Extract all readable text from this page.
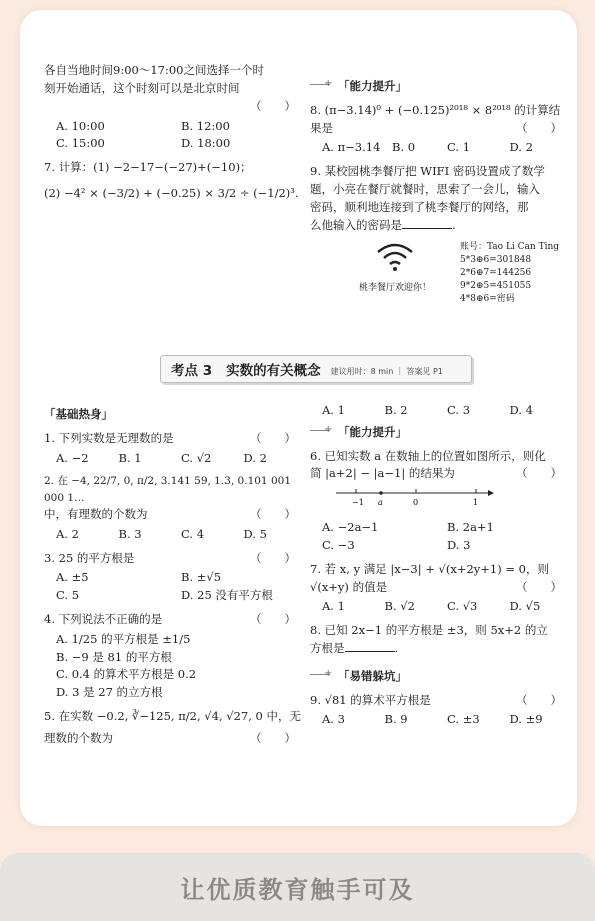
各自当地时间9:00～17:00之间选择一个时
刻开始通话，这个时刻可以是北京时间
（　　）
A. 10:00	B. 12:00
C. 15:00	D. 18:00
7. 计算：(1) −2−17−(−27)+(−10)；
(2) −4² × (−3/2) + (−0.25) × 3/2 ÷ (−1/2)³.
+
「能力提升」
8. (π−3.14)⁰ + (−0.125)²⁰¹⁸ × 8²⁰¹⁸ 的计算结
果是	（　　）
A. π−3.14	B. 0	C. 1	D. 2
9. 某校园桃李餐厅把 WIFI 密码设置成了数学
题，小亮在餐厅就餐时，思索了一会儿，输入
密码，顺利地连接到了桃李餐厅的网络，那
么他输入的密码是	.
桃李餐厅欢迎你！
账号：Tao Li Can Ting
5*3⊕6=301848
2*6⊕7=144256
9*2⊕5=451055
4*8⊕6=密码
考点 3 实数的有关概念 建议用时：8 min ｜ 答案见 P1
「基础热身」
1. 下列实数是无理数的是	（　　）
A. −2	B. 1	C. √2	D. 2
2. 在 −4, 22/7, 0, π/2, 3.141 59, 1.3̇, 0.101 001 000 1…
中，有理数的个数为	（　　）
A. 2	B. 3	C. 4	D. 5
3. 25 的平方根是	（　　）
A. ±5	B. ±√5
C. 5	D. 25 没有平方根
4. 下列说法不正确的是	（　　）
A. 1/25 的平方根是 ±1/5
B. −9 是 81 的平方根
C. 0.4 的算术平方根是 0.2
D. 3 是 27 的立方根
5. 在实数 −0.2, ∛−125, π/2, √4, √27, 0 中，无
理数的个数为	（　　）
A. 1	B. 2	C. 3	D. 4
+
「能力提升」
6. 已知实数 a 在数轴上的位置如图所示，则化
简 |a+2| − |a−1| 的结果为	（　　）
−1 a	0	1
A. −2a−1	B. 2a+1
C. −3	D. 3
7. 若 x, y 满足 |x−3| + √(x+2y+1) = 0，则
√(x+y) 的值是	（　　）
A. 1	B. √2	C. √3	D. √5
8. 已知 2x−1 的平方根是 ±3，则 5x+2 的立
方根是	.
+
「易错躲坑」
9. √81 的算术平方根是	（　　）
A. 3	B. 9	C. ±3	D. ±9
让优质教育触手可及
